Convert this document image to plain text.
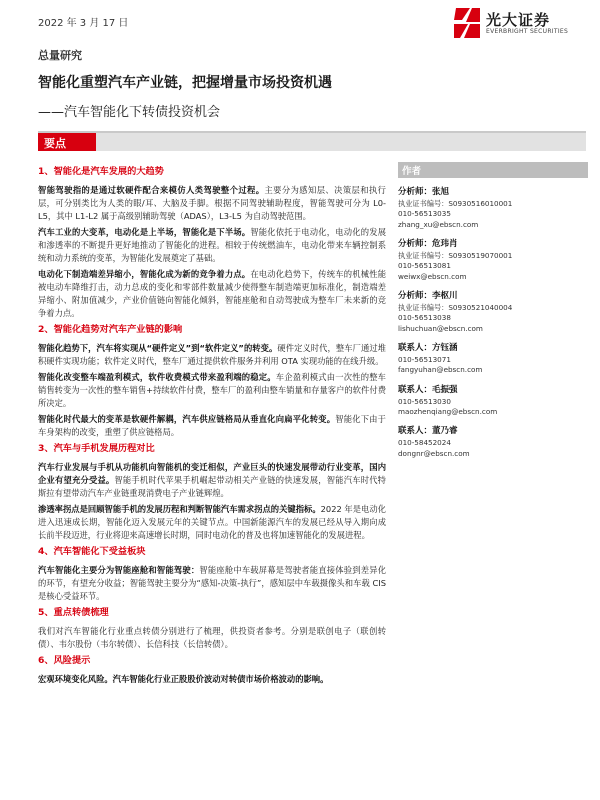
2022 年 3 月 17 日	光大证券
EVERBRIGHT SECURITIES
总量研究
智能化重塑汽车产业链，把握增量市场投资机遇
——汽车智能化下转债投资机会
要点
1、智能化是汽车发展的大趋势
智能驾驶指的是通过软硬件配合来模仿人类驾驶整个过程。主要分为感知层、决策层和执行层，可分别类比为人类的眼/耳、大脑及手脚。根据不同驾驶辅助程度，智能驾驶可分为 L0-L5，其中 L1-L2 属于高级别辅助驾驶（ADAS），L3-L5 为自动驾驶范围。
汽车工业的大变革，电动化是上半场，智能化是下半场。智能化依托于电动化，电动化的发展和渗透率的不断提升更好地推动了智能化的进程。相较于传统燃油车，电动化带来车辆控制系统和动力系统的变革，为智能化发展奠定了基础。
电动化下制造端差异缩小，智能化成为新的竞争着力点。在电动化趋势下，传统车的机械性能被电动车降维打击，动力总成的变化和零部件数量减少使得整车制造端更加标准化，制造端差异缩小、附加值减少，产业价值链向智能化倾斜，智能座舱和自动驾驶成为整车厂未来新的竞争着力点。
2、智能化趋势对汽车产业链的影响
智能化趋势下，汽车将实现从“硬件定义”到“软件定义”的转变。硬件定义时代，整车厂通过堆积硬件实现功能；软件定义时代，整车厂通过提供软件服务并利用 OTA 实现功能的在线升级。
智能化改变整车端盈利模式，软件收费模式带来盈利端的稳定。车企盈利模式由一次性的整车销售转变为一次性的整车销售+持续软件付费，整车厂的盈利由整车销量和存量客户的软件付费所决定。
智能化时代最大的变革是软硬件解耦，汽车供应链格局从垂直化向扁平化转变。智能化下由于车身架构的改变，重塑了供应链格局。
3、汽车与手机发展历程对比
汽车行业发展与手机从功能机向智能机的变迁相似，产业巨头的快速发展带动行业变革，国内企业有望充分受益。智能手机时代苹果手机崛起带动相关产业链的快速发展，智能汽车时代特斯拉有望带动汽车产业链重现消费电子产业链辉煌。
渗透率拐点是回顾智能手机的发展历程和判断智能汽车需求拐点的关键指标。2022 年是电动化进入迅速成长期，智能化迈入发展元年的关键节点。中国新能源汽车的发展已经从导入期向成长前半段迈进，行业将迎来高速增长时期，同时电动化的普及也将加速智能化的发展进程。
4、汽车智能化下受益板块
汽车智能化主要分为智能座舱和智能驾驶：智能座舱中车载屏幕是驾驶者能直接体验到差异化的环节，有望充分收益；智能驾驶主要分为“感知-决策-执行”，感知层中车载摄像头和车载 CIS 是核心受益环节。
5、重点转债梳理
我们对汽车智能化行业重点转债分别进行了梳理，供投资者参考。分别是联创电子（联创转债）、韦尔股份（韦尔转债）、长信科技（长信转债）。
6、风险提示
宏观环境变化风险。汽车智能化行业正股股价波动对转债市场价格波动的影响。
作者
分析师：张旭
执业证书编号：S0930516010001
010-56513035
zhang_xu@ebscn.com
分析师：危玮肖
执业证书编号：S0930519070001
010-56513081
weiwx@ebscn.com
分析师：李枢川
执业证书编号：S0930521040004
010-56513038
lishuchuan@ebscn.com
联系人：方钰涵
010-56513071
fangyuhan@ebscn.com
联系人：毛振强
010-56513030
maozhenqiang@ebscn.com
联系人：董乃睿
010-58452024
dongnr@ebscn.com
